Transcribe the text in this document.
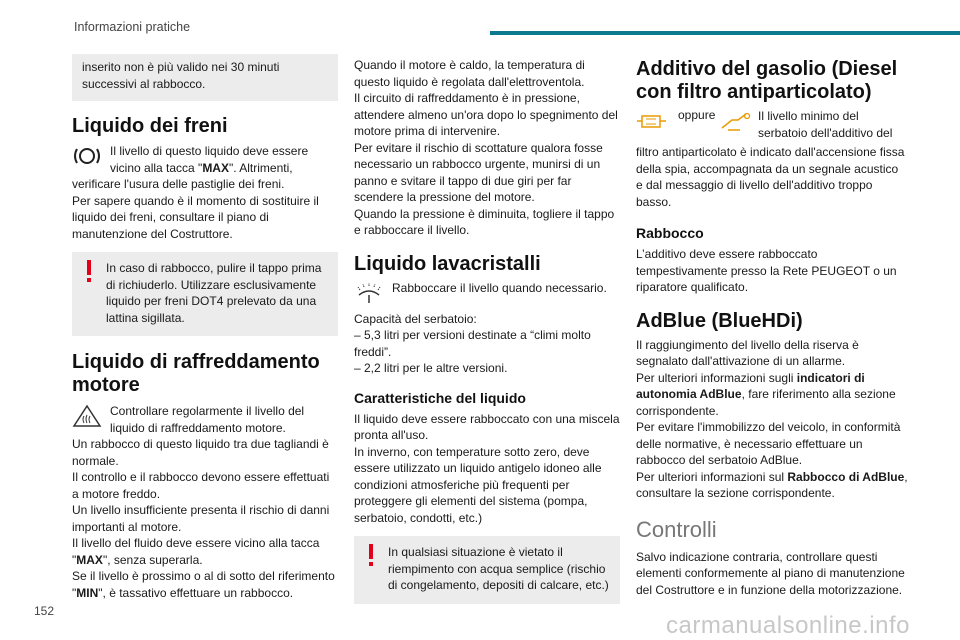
Informazioni pratiche
inserito non è più valido nei 30 minuti successivi al rabbocco.
Liquido dei freni

Il livello di questo liquido deve essere vicino alla tacca "MAX". Altrimenti, verificare l'usura delle pastiglie dei freni.

Per sapere quando è il momento di sostituire il liquido dei freni, consultare il piano di manutenzione del Costruttore.

In caso di rabbocco, pulire il tappo prima di richiuderlo. Utilizzare esclusivamente liquido per freni DOT4 prelevato da una lattina sigillata.
Liquido di raffreddamento motore

Controllare regolarmente il livello del liquido di raffreddamento motore.

Un rabbocco di questo liquido tra due tagliandi è normale.

Il controllo e il rabbocco devono essere effettuati a motore freddo.

Un livello insufficiente presenta il rischio di danni importanti al motore.

Il livello del fluido deve essere vicino alla tacca "MAX", senza superarla.

Se il livello è prossimo o al di sotto del riferimento "MIN", è tassativo effettuare un rabbocco.

Quando il motore è caldo, la temperatura di questo liquido è regolata dall'elettroventola.

Il circuito di raffreddamento è in pressione, attendere almeno un'ora dopo lo spegnimento del motore prima di intervenire.

Per evitare il rischio di scottature qualora fosse necessario un rabbocco urgente, munirsi di un panno e svitare il tappo di due giri per far scendere la pressione del motore.

Quando la pressione è diminuita, togliere il tappo e rabboccare il livello.

Liquido lavacristalli

Rabboccare il livello quando necessario.

Capacità del serbatoio:

– 5,3 litri per versioni destinate a “climi molto freddi”.

– 2,2 litri per le altre versioni.

Caratteristiche del liquido

Il liquido deve essere rabboccato con una miscela pronta all'uso.

In inverno, con temperature sotto zero, deve essere utilizzato un liquido antigelo idoneo alle condizioni atmosferiche più frequenti per proteggere gli elementi del sistema (pompa, serbatoio, condotti, etc.)

In qualsiasi situazione è vietato il riempimento con acqua semplice (rischio di congelamento, depositi di calcare, etc.)
Additivo del gasolio (Diesel con filtro antiparticolato)
oppure	Il livello minimo del serbatoio dell'additivo del

filtro antiparticolato è indicato dall'accensione fissa della spia, accompagnata da un segnale acustico e dal messaggio di livello dell'additivo troppo basso.

Rabbocco

L’additivo deve essere rabboccato tempestivamente presso la Rete PEUGEOT o un riparatore qualificato.

AdBlue (BlueHDi)

Il raggiungimento del livello della riserva è segnalato dall'attivazione di un allarme.

Per ulteriori informazioni sugli indicatori di autonomia AdBlue, fare riferimento alla sezione corrispondente.

Per evitare l'immobilizzo del veicolo, in conformità delle normative, è necessario effettuare un rabbocco del serbatoio AdBlue.

Per ulteriori informazioni sul Rabbocco di AdBlue, consultare la sezione corrispondente.

Controlli

Salvo indicazione contraria, controllare questi elementi conformemente al piano di manutenzione del Costruttore e in funzione della motorizzazione.

152
carmanualsonline.info
